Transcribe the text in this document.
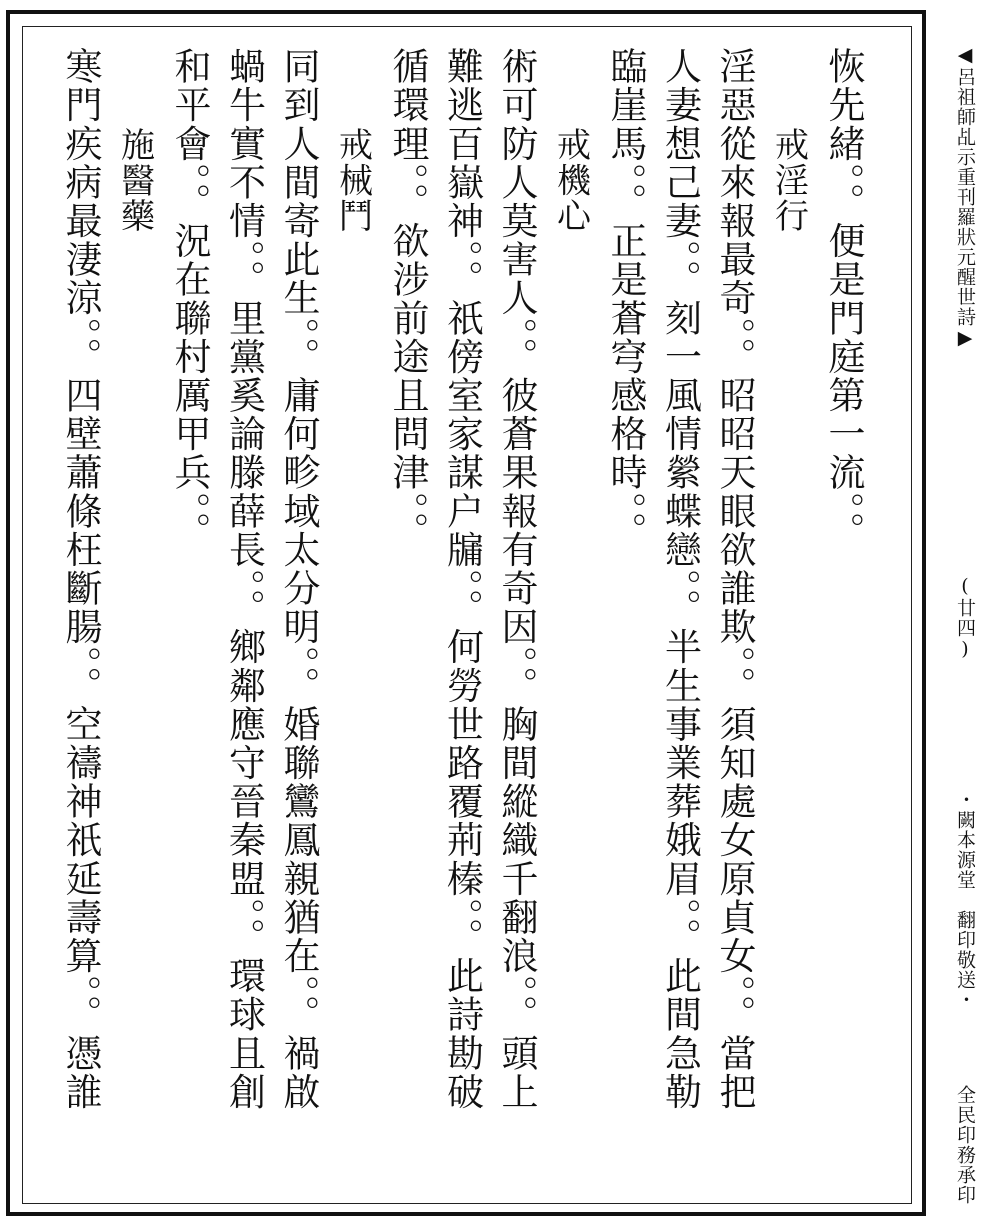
恢先緒。。便是門庭第一流。。
戒淫行
淫惡從來報最奇。。昭昭天眼欲誰欺。。須知處女原貞女。。當把
人妻想己妻。。刻一風情縈蝶戀。。半生事業葬娥眉。。此間急勒
臨崖馬。。正是蒼穹感格時。。
戒機心
術可防人莫害人。。彼蒼果報有奇因。。胸間縱織千翻浪。。頭上
難逃百嶽神。。祇傍室家謀户牖。。何勞世路覆荊榛。。此詩勘破
循環理。。欲涉前途且問津。。
戒械鬥
同到人間寄此生。。庸何畛域太分明。。婚聯鸞鳳親猶在。。禍啟
蝸牛實不情。。里黨奚論滕薛長。。鄉鄰應守晉秦盟。。環球且創
和平會。。況在聯村厲甲兵。。
施醫藥
寒門疾病最淒涼。。四壁蕭條枉斷腸。。空禱神祇延壽算。。憑誰	◀呂祖師乩示重刊羅狀元醒世詩▶
(廿四)
・闕本源堂　翻印敬送・
全民印務承印
